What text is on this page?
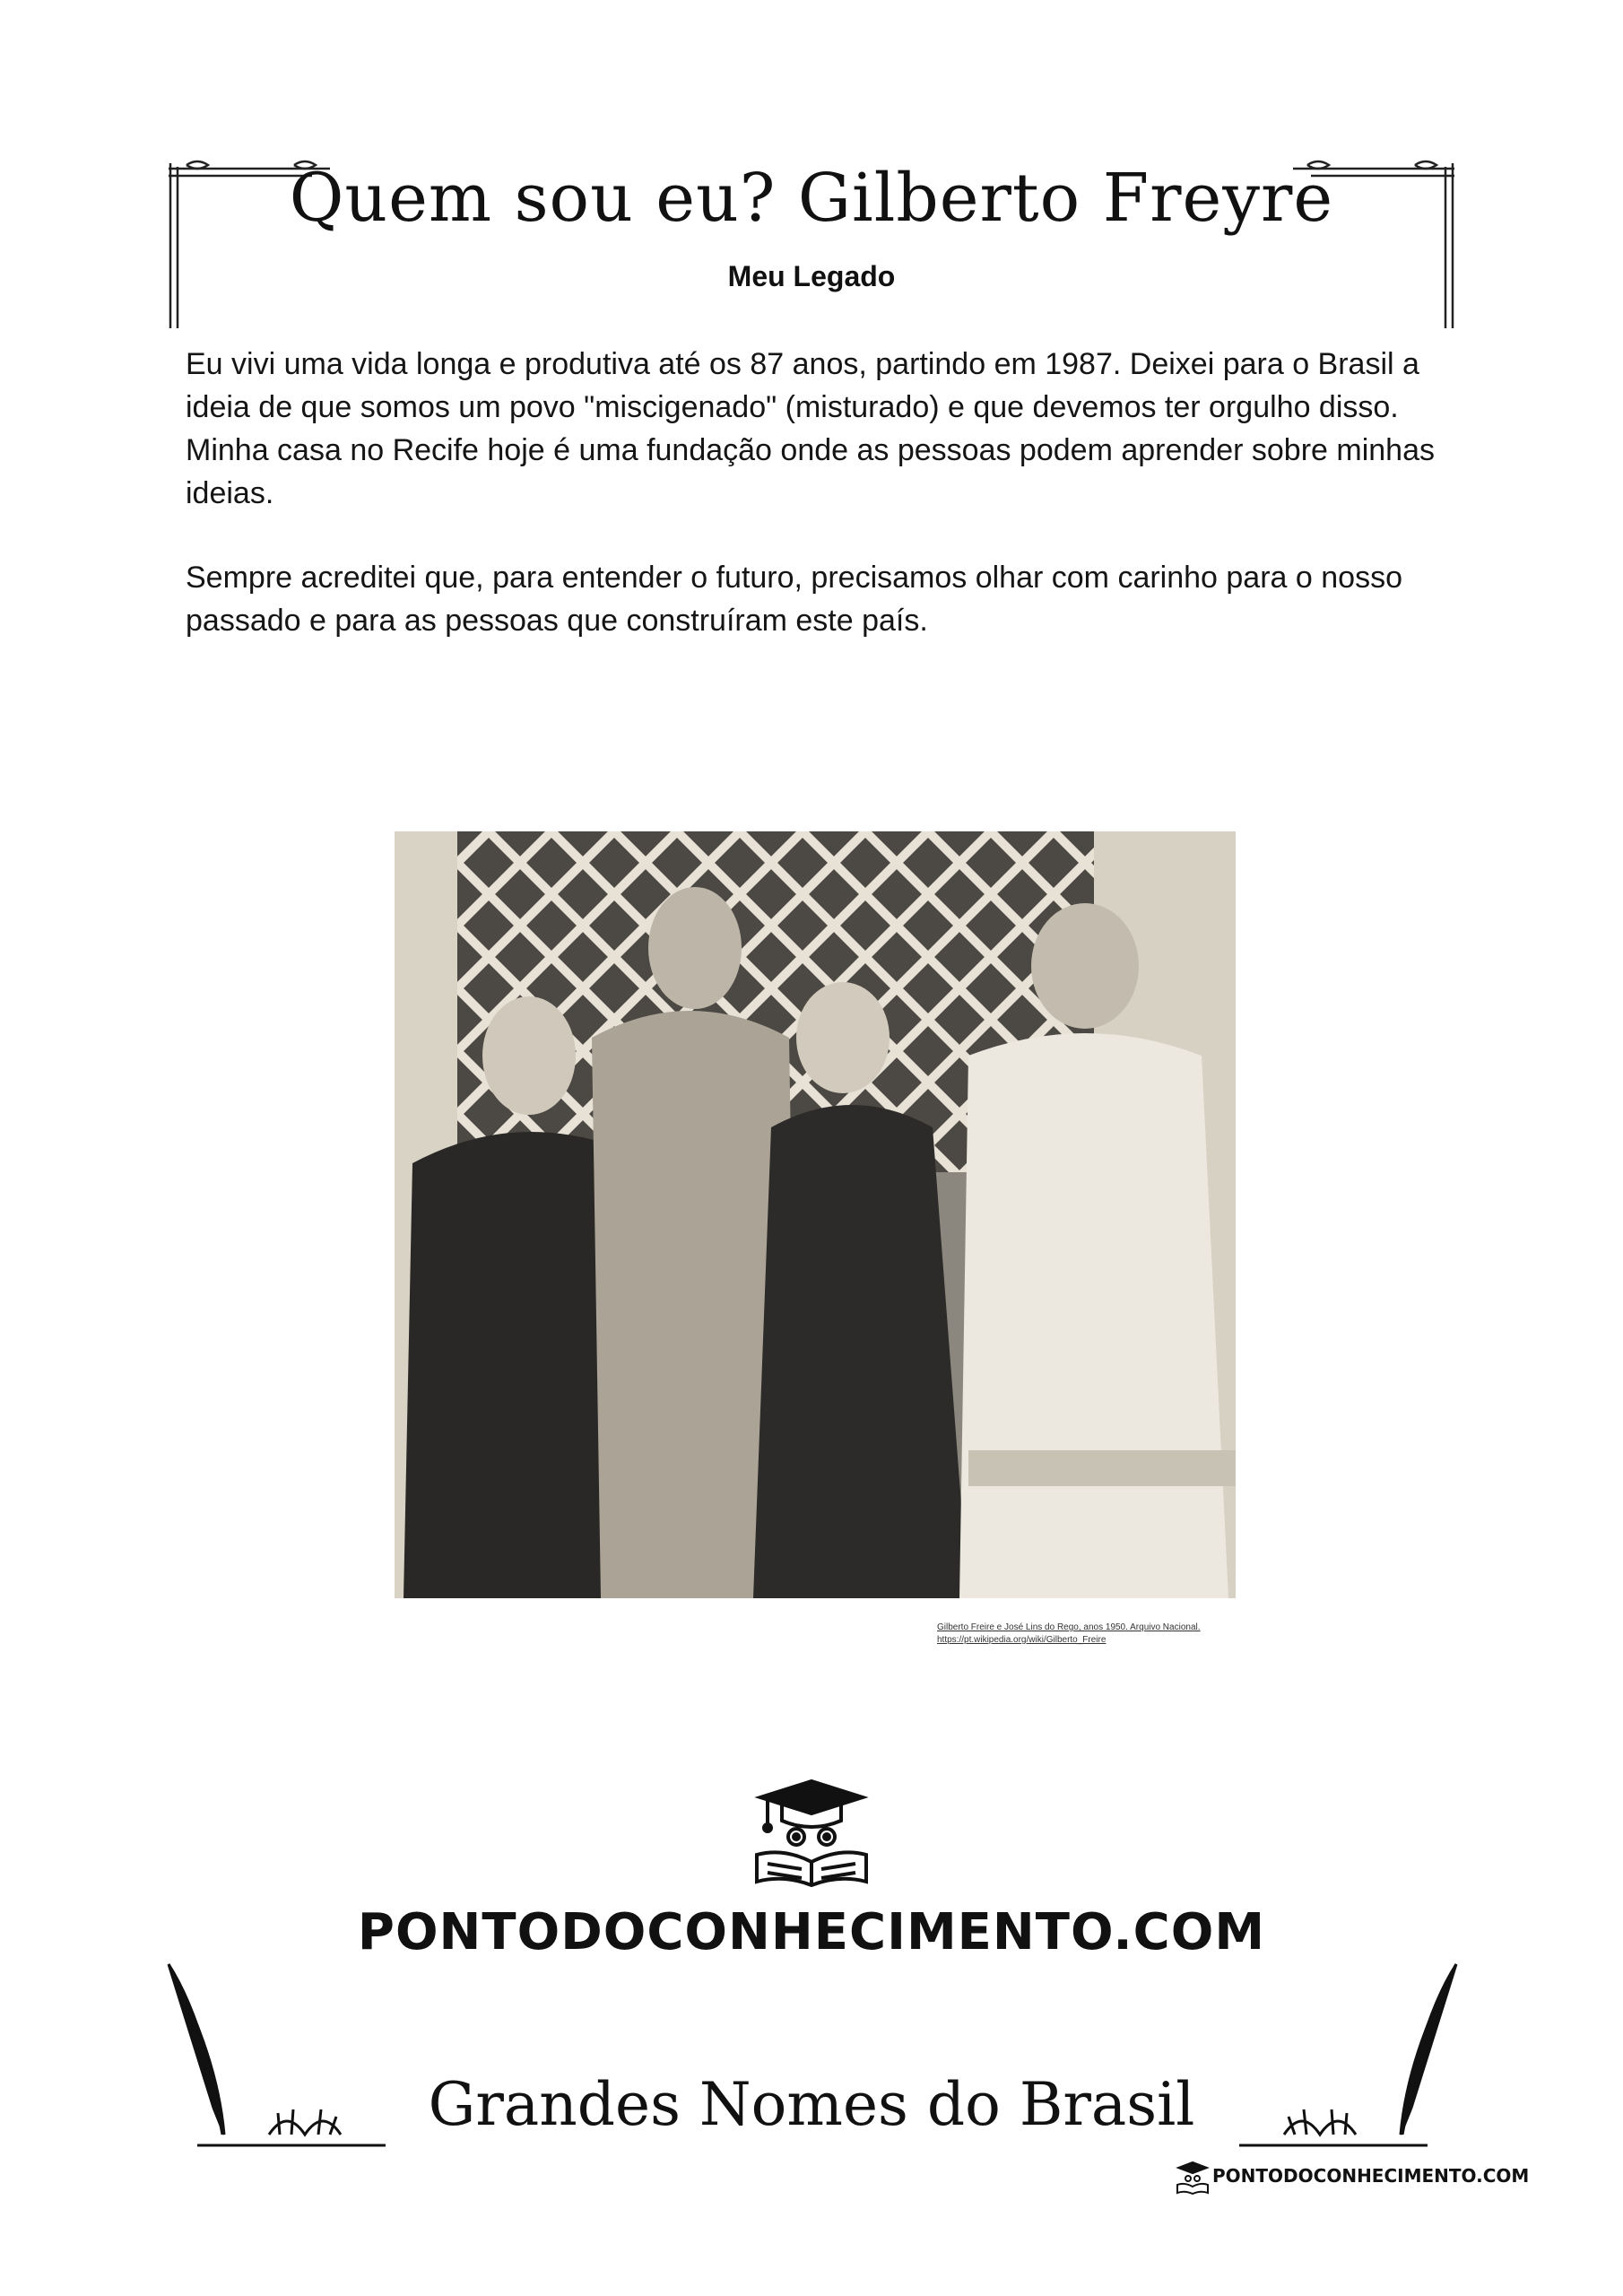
Quem sou eu? Gilberto Freyre
Meu Legado

Eu vivi uma vida longa e produtiva até os 87 anos, partindo em 1987. Deixei para o Brasil a ideia de que somos um povo "miscigenado" (misturado) e que devemos ter orgulho disso. Minha casa no Recife hoje é uma fundação onde as pessoas podem aprender sobre minhas ideias.

Sempre acreditei que, para entender o futuro, precisamos olhar com carinho para o nosso passado e para as pessoas que construíram este país.

Gilberto Freire e José Lins do Rego, anos 1950. Arquivo Nacional.
https://pt.wikipedia.org/wiki/Gilberto_Freire
PONTODOCONHECIMENTO.COM
Grandes Nomes do Brasil
PONTODOCONHECIMENTO.COM
